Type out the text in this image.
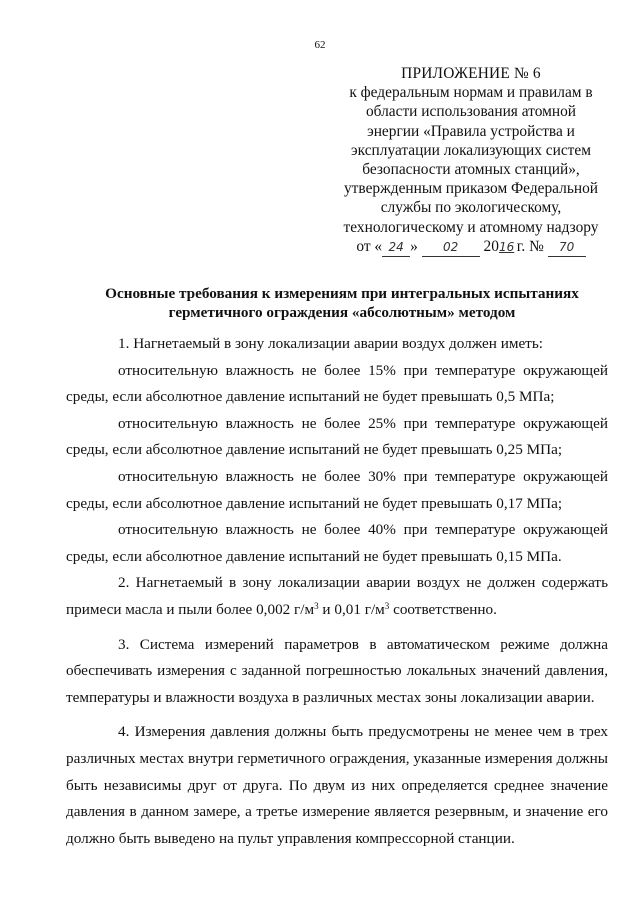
62
ПРИЛОЖЕНИЕ № 6
к федеральным нормам и правилам в
области использования атомной
энергии «Правила устройства и
эксплуатации локализующих систем
безопасности атомных станций»,
утвержденным приказом Федеральной
службы по экологическому,
технологическому и атомному надзору
от « 24 » 02 2016 г. № 70
Основные требования к измерениям при интегральных испытаниях
герметичного ограждения «абсолютным» методом

1. Нагнетаемый в зону локализации аварии воздух должен иметь:

относительную влажность не более 15% при температуре окружающей

среды, если абсолютное давление испытаний не будет превышать 0,5 МПа;

относительную влажность не более 25% при температуре окружающей

среды, если абсолютное давление испытаний не будет превышать 0,25 МПа;

относительную влажность не более 30% при температуре окружающей

среды, если абсолютное давление испытаний не будет превышать 0,17 МПа;

относительную влажность не более 40% при температуре окружающей

среды, если абсолютное давление испытаний не будет превышать 0,15 МПа.

2. Нагнетаемый в зону локализации аварии воздух не должен содержать

примеси масла и пыли более 0,002 $г/м^3$ и 0,01 $г/м^3$ соответственно.

3. Система измерений параметров в автоматическом режиме должна обеспечивать измерения с заданной погрешностью локальных значений давления, температуры и влажности воздуха в различных местах зоны локализации аварии.

4. Измерения давления должны быть предусмотрены не менее чем в трех различных местах внутри герметичного ограждения, указанные измерения должны быть независимы друг от друга. По двум из них определяется среднее значение давления в данном замере, а третье измерение является резервным, и значение его должно быть выведено на пульт управления компрессорной станции.
